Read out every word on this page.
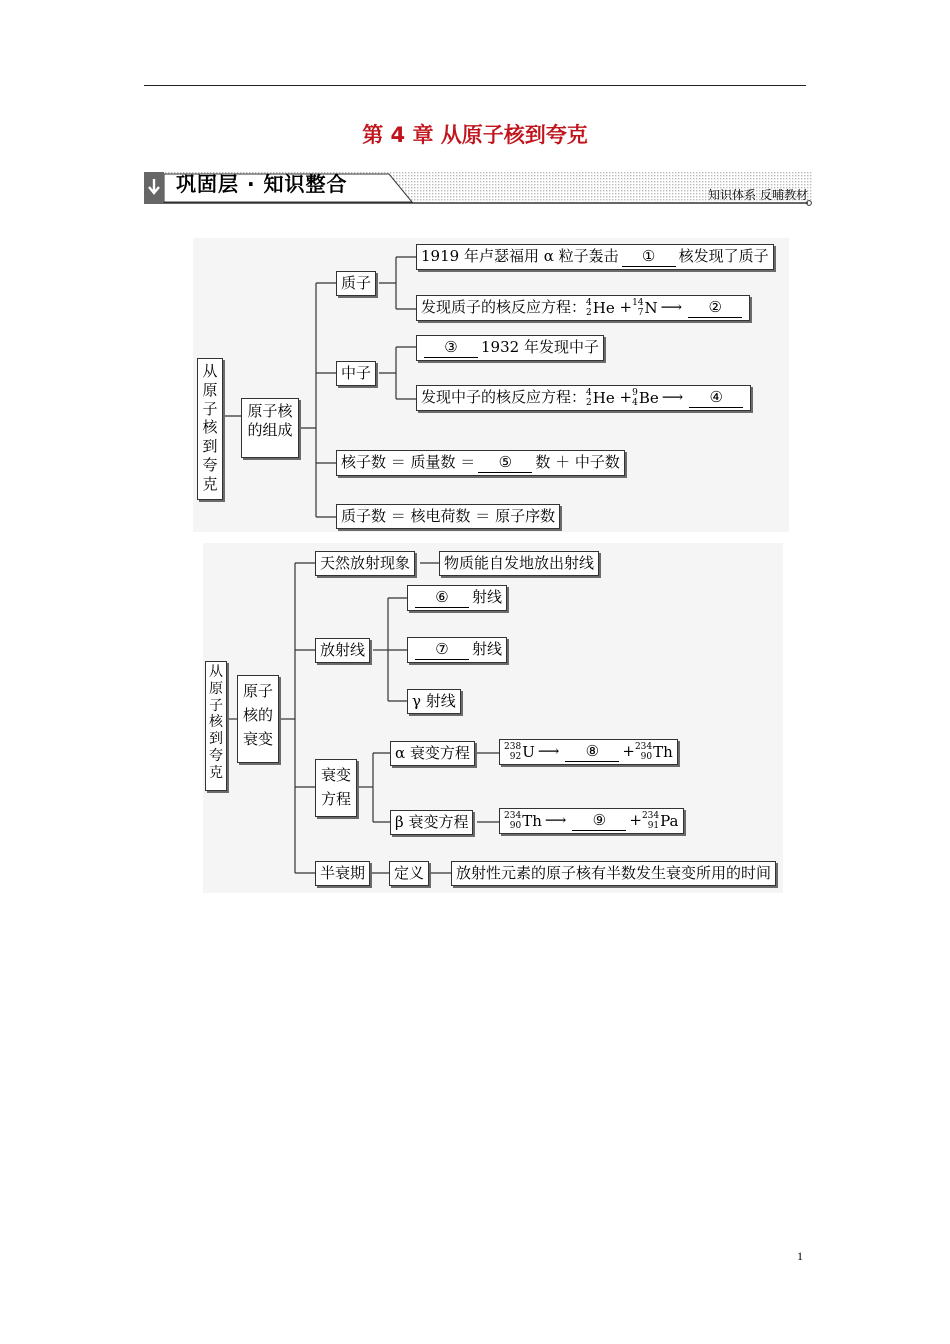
第 4 章 从原子核到夸克
巩固层 · 知识整合	知识体系 反哺教材
从原子核到夸克
原子核的组成
质子
1919 年卢瑟福用 α 粒子轰击 ① 核发现了质子
发现质子的核反应方程： 4
2 He + 14
7 N ⟶ ②
中子
③ 1932 年发现中子
发现中子的核反应方程： 4
2 He + 9
4 Be ⟶ ④
核子数 ＝ 质量数 ＝ ⑤ 数 ＋ 中子数
质子数 ＝ 核电荷数 ＝ 原子序数
从原子核到夸克
原子核的衰变
天然放射现象	物质能自发地放出射线
放射线
⑥ 射线
⑦ 射线
γ 射线
衰变方程
α 衰变方程	238
92 U ⟶ ⑧ + 234
90 Th
β 衰变方程	234
90 Th ⟶ ⑨ + 234
91 Pa
半衰期	定义	放射性元素的原子核有半数发生衰变所用的时间
1
